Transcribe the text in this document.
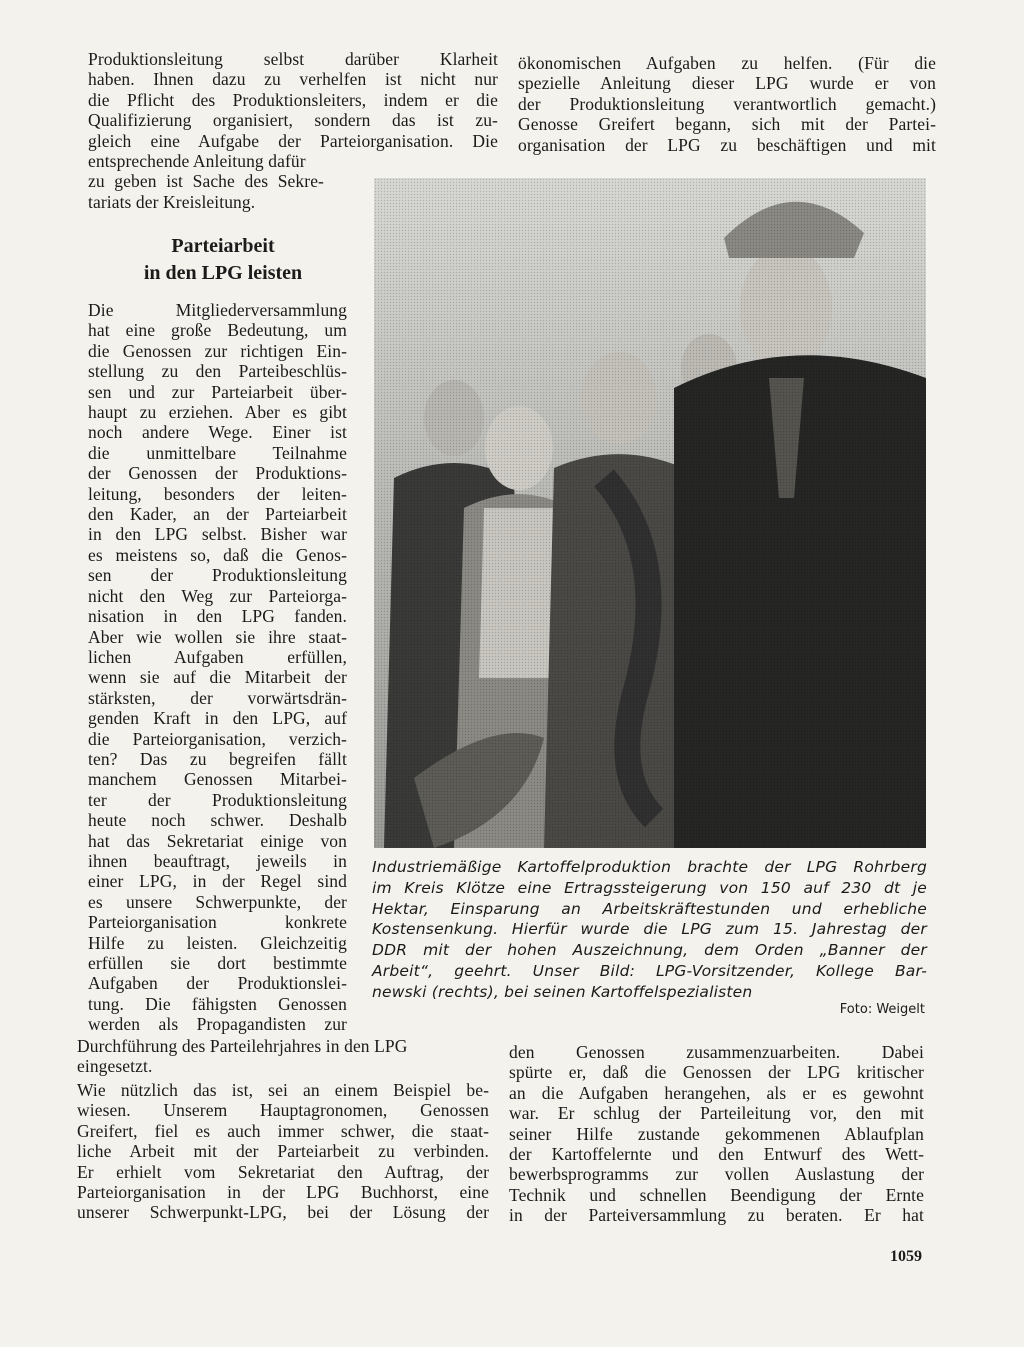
Produktionsleitung selbst darüber Klarheit
haben. Ihnen dazu zu verhelfen ist nicht nur
die Pflicht des Produktionsleiters, indem er die
Qualifizierung organisiert, sondern das ist zu-
gleich eine Aufgabe der Parteiorganisation. Die
entsprechende Anleitung dafür
zu geben ist Sache des Sekre-
tariats der Kreisleitung.
ökonomischen Aufgaben zu helfen. (Für die
spezielle Anleitung dieser LPG wurde er von
der Produktionsleitung verantwortlich gemacht.)
Genosse Greifert begann, sich mit der Partei-
organisation der LPG zu beschäftigen und mit
Parteiarbeit
in den LPG leisten
Die Mitgliederversammlung
hat eine große Bedeutung, um
die Genossen zur richtigen Ein-
stellung zu den Parteibeschlüs-
sen und zur Parteiarbeit über-
haupt zu erziehen. Aber es gibt
noch andere Wege. Einer ist
die unmittelbare Teilnahme
der Genossen der Produktions-
leitung, besonders der leiten-
den Kader, an der Parteiarbeit
in den LPG selbst. Bisher war
es meistens so, daß die Genos-
sen der Produktionsleitung
nicht den Weg zur Parteiorga-
nisation in den LPG fanden.
Aber wie wollen sie ihre staat-
lichen Aufgaben erfüllen,
wenn sie auf die Mitarbeit der
stärksten, der vorwärtsdrän-
genden Kraft in den LPG, auf
die Parteiorganisation, verzich-
ten? Das zu begreifen fällt
manchem Genossen Mitarbei-
ter der Produktionsleitung
heute noch schwer. Deshalb
hat das Sekretariat einige von
ihnen beauftragt, jeweils in
einer LPG, in der Regel sind
es unsere Schwerpunkte, der
Parteiorganisation konkrete
Hilfe zu leisten. Gleichzeitig
erfüllen sie dort bestimmte
Aufgaben der Produktionslei-
tung. Die fähigsten Genossen
werden als Propagandisten zur
Industriemäßige Kartoffelproduktion brachte der LPG Rohrberg
im Kreis Klötze eine Ertragssteigerung von 150 auf 230 dt je
Hektar, Einsparung an Arbeitskräftestunden und erhebliche
Kostensenkung. Hierfür wurde die LPG zum 15. Jahrestag der
DDR mit der hohen Auszeichnung, dem Orden „Banner der
Arbeit“, geehrt. Unser Bild: LPG-Vorsitzender, Kollege Bar-
newski (rechts), bei seinen Kartoffelspezialisten
Foto: Weigelt
Durchführung des Parteilehrjahres in den LPG
eingesetzt.
Wie nützlich das ist, sei an einem Beispiel be-
wiesen. Unserem Hauptagronomen, Genossen
Greifert, fiel es auch immer schwer, die staat-
liche Arbeit mit der Parteiarbeit zu verbinden.
Er erhielt vom Sekretariat den Auftrag, der
Parteiorganisation in der LPG Buchhorst, eine
unserer Schwerpunkt-LPG, bei der Lösung der
den Genossen zusammenzuarbeiten. Dabei
spürte er, daß die Genossen der LPG kritischer
an die Aufgaben herangehen, als er es gewohnt
war. Er schlug der Parteileitung vor, den mit
seiner Hilfe zustande gekommenen Ablaufplan
der Kartoffelernte und den Entwurf des Wett-
bewerbsprogramms zur vollen Auslastung der
Technik und schnellen Beendigung der Ernte
in der Parteiversammlung zu beraten. Er hat
1059
